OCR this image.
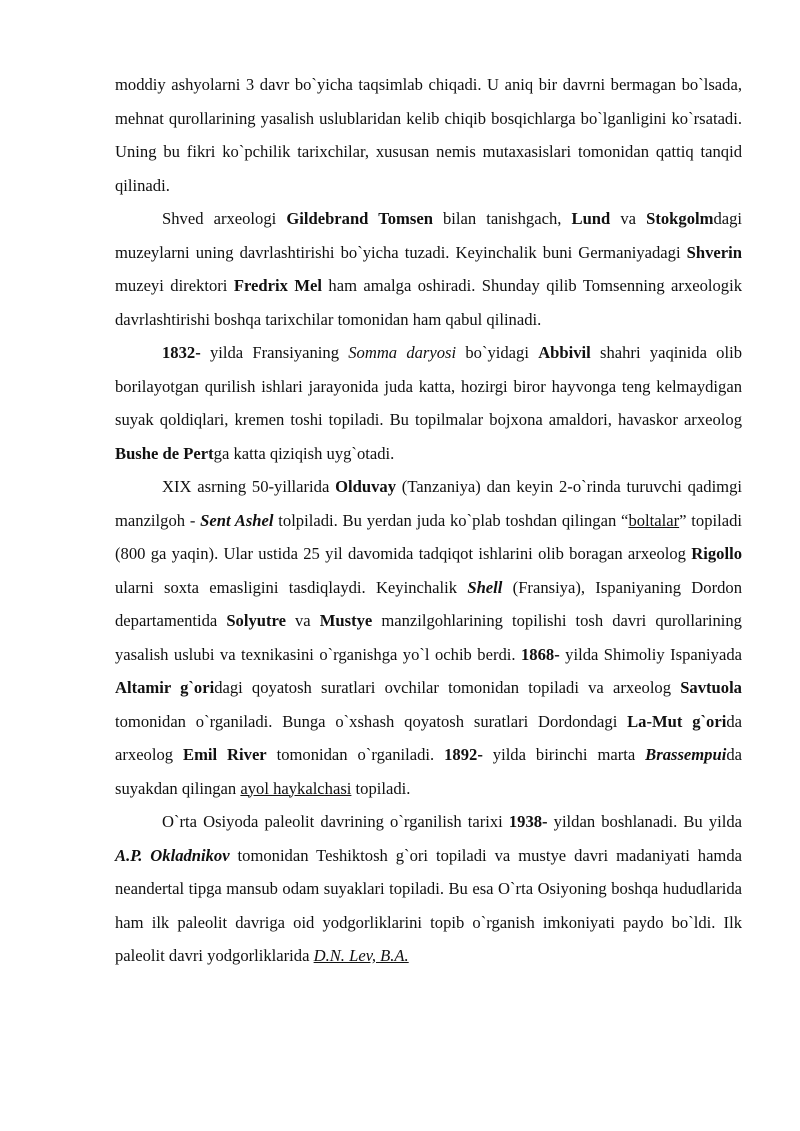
moddiy ashyolarni 3 davr bo`yicha taqsimlab chiqadi. U aniq bir davrni bermagan bo`lsada, mehnat qurollarining yasalish uslublaridan kelib chiqib bosqichlarga bo`lganligini ko`rsatadi. Uning bu fikri ko`pchilik tarixchilar, xususan nemis mutaxasislari tomonidan qattiq tanqid qilinadi.

Shved arxeologi Gildebrand Tomsen bilan tanishgach, Lund va Stokgolmdagi muzeylarni uning davrlashtirishi bo`yicha tuzadi. Keyinchalik buni Germaniyadagi Shverin muzeyi direktori Fredrix Mel ham amalga oshiradi. Shunday qilib Tomsenning arxeologik davrlashtirishi boshqa tarixchilar tomonidan ham qabul qilinadi.

1832- yilda Fransiyaning Somma daryosi bo`yidagi Abbivil shahri yaqinida olib borilayotgan qurilish ishlari jarayonida juda katta, hozirgi biror hayvonga teng kelmaydigan suyak qoldiqlari, kremen toshi topiladi. Bu topilmalar bojxona amaldori, havaskor arxeolog Bushe de Pertga katta qiziqish uyg`otadi.

XIX asrning 50-yillarida Olduvay (Tanzaniya) dan keyin 2-o`rinda turuvchi qadimgi manzilgoh - Sent Ashel tolpiladi. Bu yerdan juda ko`plab toshdan qilingan “boltalar” topiladi (800 ga yaqin). Ular ustida 25 yil davomida tadqiqot ishlarini olib boragan arxeolog Rigollo ularni soxta emasligini tasdiqlaydi. Keyinchalik Shell (Fransiya), Ispaniyaning Dordon departamentida Solyutre va Mustye manzilgohlarining topilishi tosh davri qurollarining yasalish uslubi va texnikasini o`rganishga yo`l ochib berdi. 1868- yilda Shimoliy Ispaniyada Altamir g`oridagi qoyatosh suratlari ovchilar tomonidan topiladi va arxeolog Savtuola tomonidan o`rganiladi. Bunga o`xshash qoyatosh suratlari Dordondagi La-Mut g`orida arxeolog Emil River tomonidan o`rganiladi. 1892- yilda birinchi marta Brassempuida suyakdan qilingan ayol haykalchasi topiladi.

O`rta Osiyoda paleolit davrining o`rganilish tarixi 1938- yildan boshlanadi. Bu yilda A.P. Okladnikov tomonidan Teshiktosh g`ori topiladi va mustye davri madaniyati hamda neandertal tipga mansub odam suyaklari topiladi. Bu esa O`rta Osiyoning boshqa hududlarida ham ilk paleolit davriga oid yodgorliklarini topib o`rganish imkoniyati paydo bo`ldi. Ilk paleolit davri yodgorliklarida D.N. Lev, B.A.
